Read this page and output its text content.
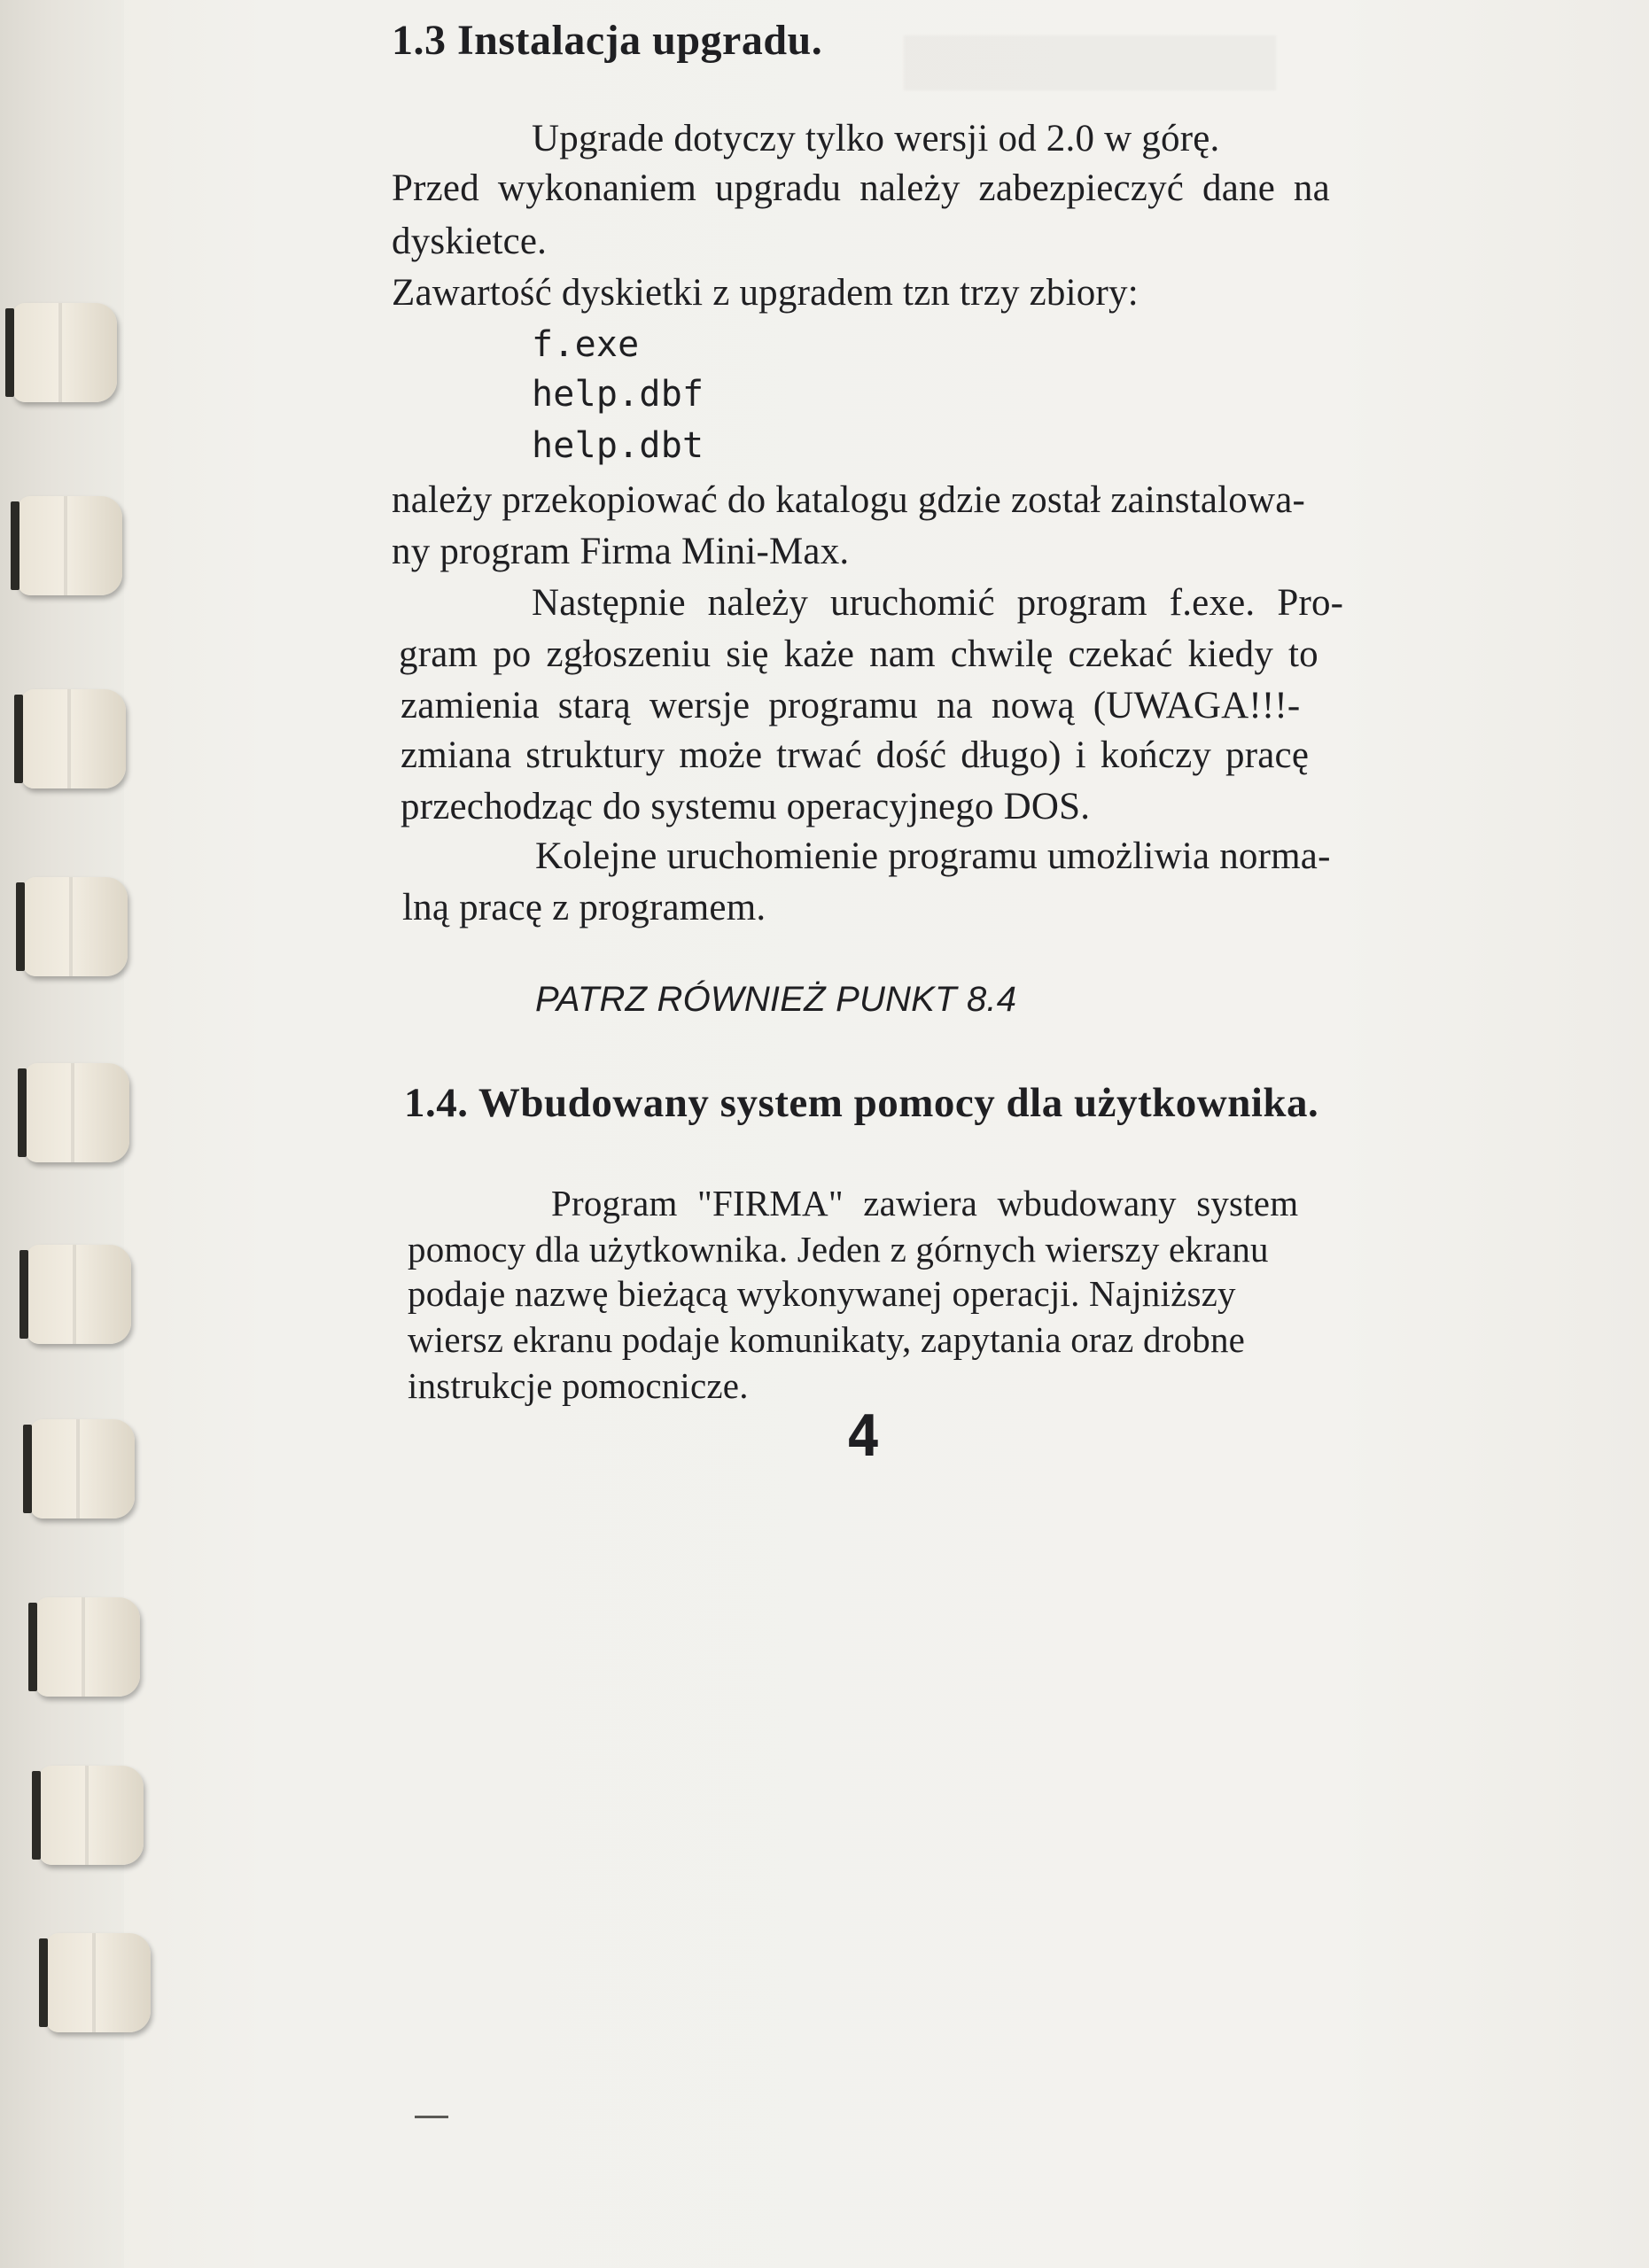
1.3 Instalacja upgradu.
Upgrade dotyczy tylko wersji od 2.0 w górę.
Przed wykonaniem upgradu należy zabezpieczyć dane na
dyskietce.
Zawartość dyskietki z upgradem tzn trzy zbiory:
f.exe
help.dbf
help.dbt
należy przekopiować do katalogu gdzie został zainstalowa-
ny program Firma Mini-Max.
Następnie należy uruchomić program f.exe. Pro-
gram po zgłoszeniu się każe nam chwilę czekać kiedy to
zamienia starą wersje programu na nową (UWAGA!!!-
zmiana struktury może trwać dość długo) i kończy pracę
przechodząc do systemu operacyjnego DOS.
Kolejne uruchomienie programu umożliwia norma-
lną pracę z programem.
PATRZ RÓWNIEŻ PUNKT 8.4
1.4. Wbudowany system pomocy dla użytkownika.
Program "FIRMA" zawiera wbudowany system
pomocy dla użytkownika. Jeden z górnych wierszy ekranu
podaje nazwę bieżącą wykonywanej operacji. Najniższy
wiersz ekranu podaje komunikaty, zapytania oraz drobne
instrukcje pomocnicze.
4
